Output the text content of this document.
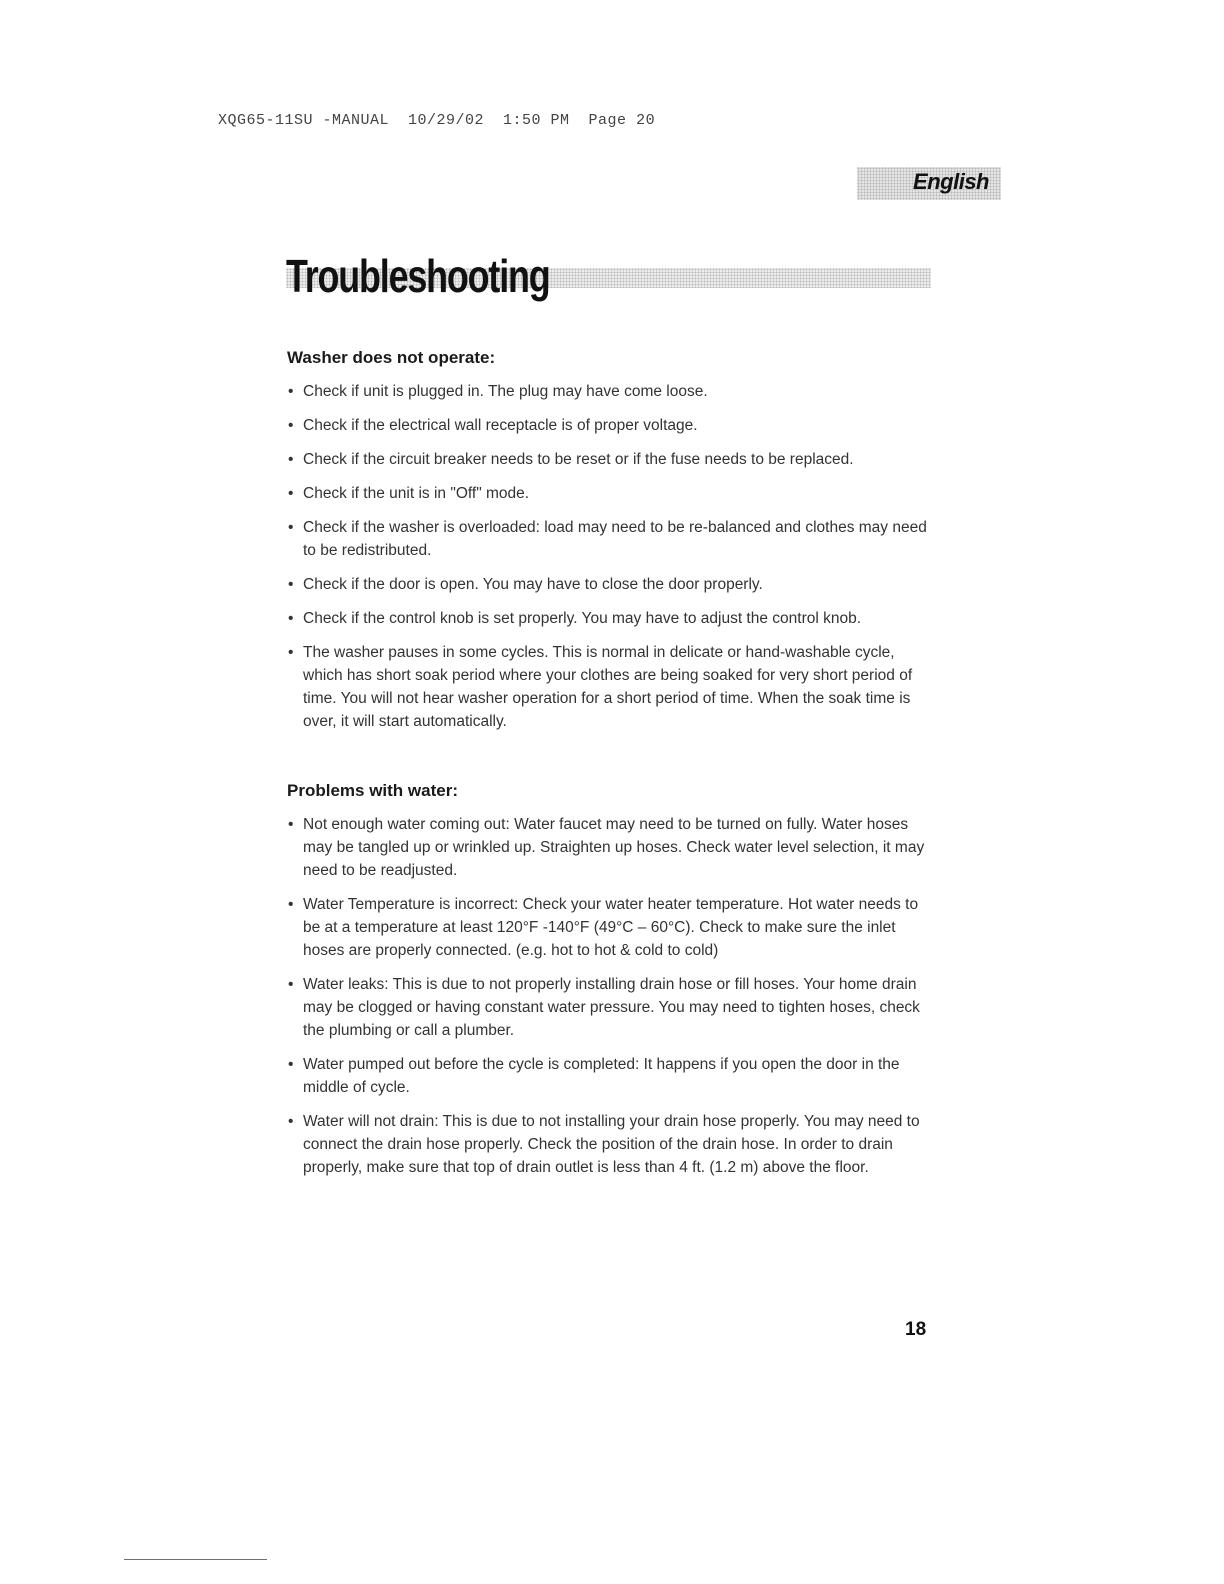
XQG65-11SU -MANUAL  10/29/02  1:50 PM  Page 20
English
Troubleshooting
Washer does not operate:
• Check if unit is plugged in. The plug may have come loose.
• Check if the electrical wall receptacle is of proper voltage.
• Check if the circuit breaker needs to be reset or if the fuse needs to be replaced.
• Check if the unit is in "Off" mode.
• Check if the washer is overloaded: load may need to be re-balanced and clothes may need to be redistributed.
• Check if the door is open. You may have to close the door properly.
• Check if the control knob is set properly. You may have to adjust the control knob.
• The washer pauses in some cycles. This is normal in delicate or hand-washable cycle, which has short soak period where your clothes are being soaked for very short period of time. You will not hear washer operation for a short period of time. When the soak time is over, it will start automatically.
Problems with water:
• Not enough water coming out: Water faucet may need to be turned on fully. Water hoses may be tangled up or wrinkled up. Straighten up hoses. Check water level selection, it may need to be readjusted.
• Water Temperature is incorrect: Check your water heater temperature. Hot water needs to be at a temperature at least 120°F -140°F (49°C – 60°C). Check to make sure the inlet hoses are properly connected. (e.g. hot to hot & cold to cold)
• Water leaks: This is due to not properly installing drain hose or fill hoses. Your home drain may be clogged or having constant water pressure. You may need to tighten hoses, check the plumbing or call a plumber.
• Water pumped out before the cycle is completed: It happens if you open the door in the middle of cycle.
• Water will not drain: This is due to not installing your drain hose properly. You may need to connect the drain hose properly. Check the position of the drain hose. In order to drain properly, make sure that top of drain outlet is less than 4 ft. (1.2 m) above the floor.
18
